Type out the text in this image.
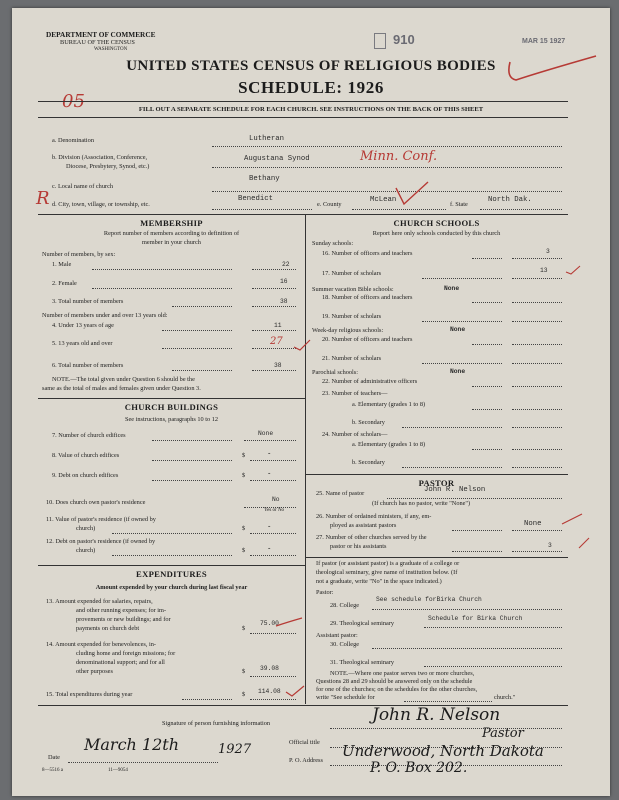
DEPARTMENT OF COMMERCE
BUREAU OF THE CENSUS
WASHINGTON
910	MAR 15 1927
UNITED STATES CENSUS OF RELIGIOUS BODIES
SCHEDULE: 1926
05	FILL OUT A SEPARATE SCHEDULE FOR EACH CHURCH. SEE INSTRUCTIONS ON THE BACK OF THIS SHEET
a. Denomination	Lutheran
b. Division (Association, Conference,
Diocese, Presbytery, Synod, etc.)
Augustana Synod	Minn. Conf.
c. Local name of church
Bethany
R d. City, town, village, or township, etc.
Benedict
e. County
McLean
f. State
North Dak.
MEMBERSHIP
Report number of members according to definition of
member in your church
Number of members, by sex:
1. Male	22
2. Female	16
3. Total number of members	38
Number of members under and over 13 years old:
4. Under 13 years of age	11
5. 13 years old and over	27
6. Total number of members	38
NOTE.—The total given under Question 6 should be the
same as the total of males and females given under Question 3.
CHURCH BUILDINGS
See instructions, paragraphs 10 to 12
7. Number of church edifices	None
8. Value of church edifices	$	-
9. Debt on church edifices	$	-
10. Does church own pastor's residence	No
Yes or No
11. Value of pastor's residence (if owned by
church)	$	-
12. Debt on pastor's residence (if owned by
church)	$	-
EXPENDITURES
Amount expended by your church during last fiscal year
13. Amount expended for salaries, repairs,
and other running expenses; for im-
provements or new buildings; and for
payments on church debt	$
75.00
14. Amount expended for benevolences, in-
cluding home and foreign missions; for
denominational support; and for all
other purposes	$ 39.08
15. Total expenditures during year	$ 114.08
CHURCH SCHOOLS
Report here only schools conducted by this church
Sunday schools:
16. Number of officers and teachers	3
17. Number of scholars	13
Summer vacation Bible schools:	None
18. Number of officers and teachers
19. Number of scholars
Week-day religious schools:	None
20. Number of officers and teachers
21. Number of scholars
Parochial schools:	None
22. Number of administrative officers
23. Number of teachers—
a. Elementary (grades 1 to 8)
b. Secondary
24. Number of scholars—
a. Elementary (grades 1 to 8)
b. Secondary
PASTOR
25. Name of pastor	John R. Nelson
(If church has no pastor, write "None")
26. Number of ordained ministers, if any, em-
ployed as assistant pastors	None
27. Number of other churches served by the
pastor or his assistants	3
If pastor (or assistant pastor) is a graduate of a college or
theological seminary, give name of institution below. (If
not a graduate, write "No" in the space indicated.)
Pastor:
28. College
See schedule forBirka Church
29. Theological seminary
Schedule for Birka Church
Assistant pastor:
30. College
31. Theological seminary
NOTE.—Where one pastor serves two or more churches,
Questions 28 and 29 should be answered only on the schedule
for one of the churches; on the schedules for the other churches,
write "See schedule for	church."
Signature of person furnishing information	John R. Nelson
Official title
Pastor
P. O. Address
Underwood, North Dakota
P. O. Box 202.
Date
March 12th	1927
8—5516 a	11—9054
